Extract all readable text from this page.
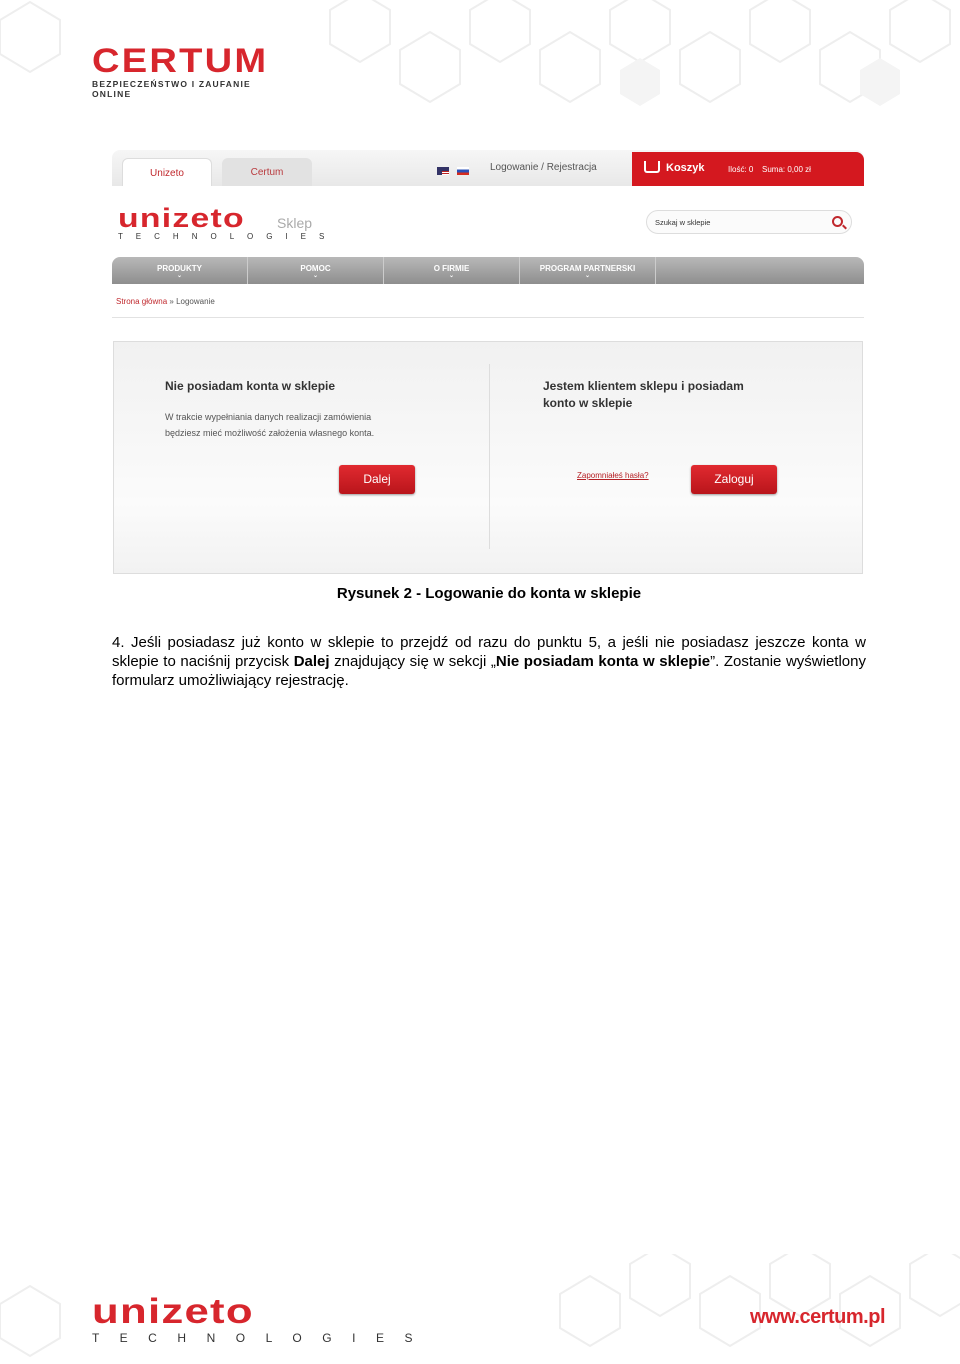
CERTUM
BEZPIECZEŃSTWO I ZAUFANIE ONLINE
Unizeto	Certum	Logowanie / Rejestracja	Koszyk	Ilość: 0 Suma: 0,00 zł
unizeto
T E C H N O L O G I E S
Sklep	Szukaj w sklepie
PRODUKTY
⌄
POMOC
⌄
O FIRMIE
⌄
PROGRAM PARTNERSKI
⌄
Strona główna » Logowanie
Nie posiadam konta w sklepie
W trakcie wypełniania danych realizacji zamówienia
będziesz mieć możliwość założenia własnego konta.
Dalej
Jestem klientem sklepu i posiadam
konto w sklepie
Zapomniałeś hasła?	Zaloguj
Rysunek 2 - Logowanie do konta w sklepie
4. Jeśli posiadasz już konto w sklepie to przejdź od razu do punktu 5, a jeśli nie posiadasz jeszcze konta w sklepie to naciśnij przycisk Dalej znajdujący się w sekcji „Nie posiadam konta w sklepie”. Zostanie wyświetlony formularz umożliwiający rejestrację.
unizeto
T E C H N O L O G I E S
www.certum.pl
